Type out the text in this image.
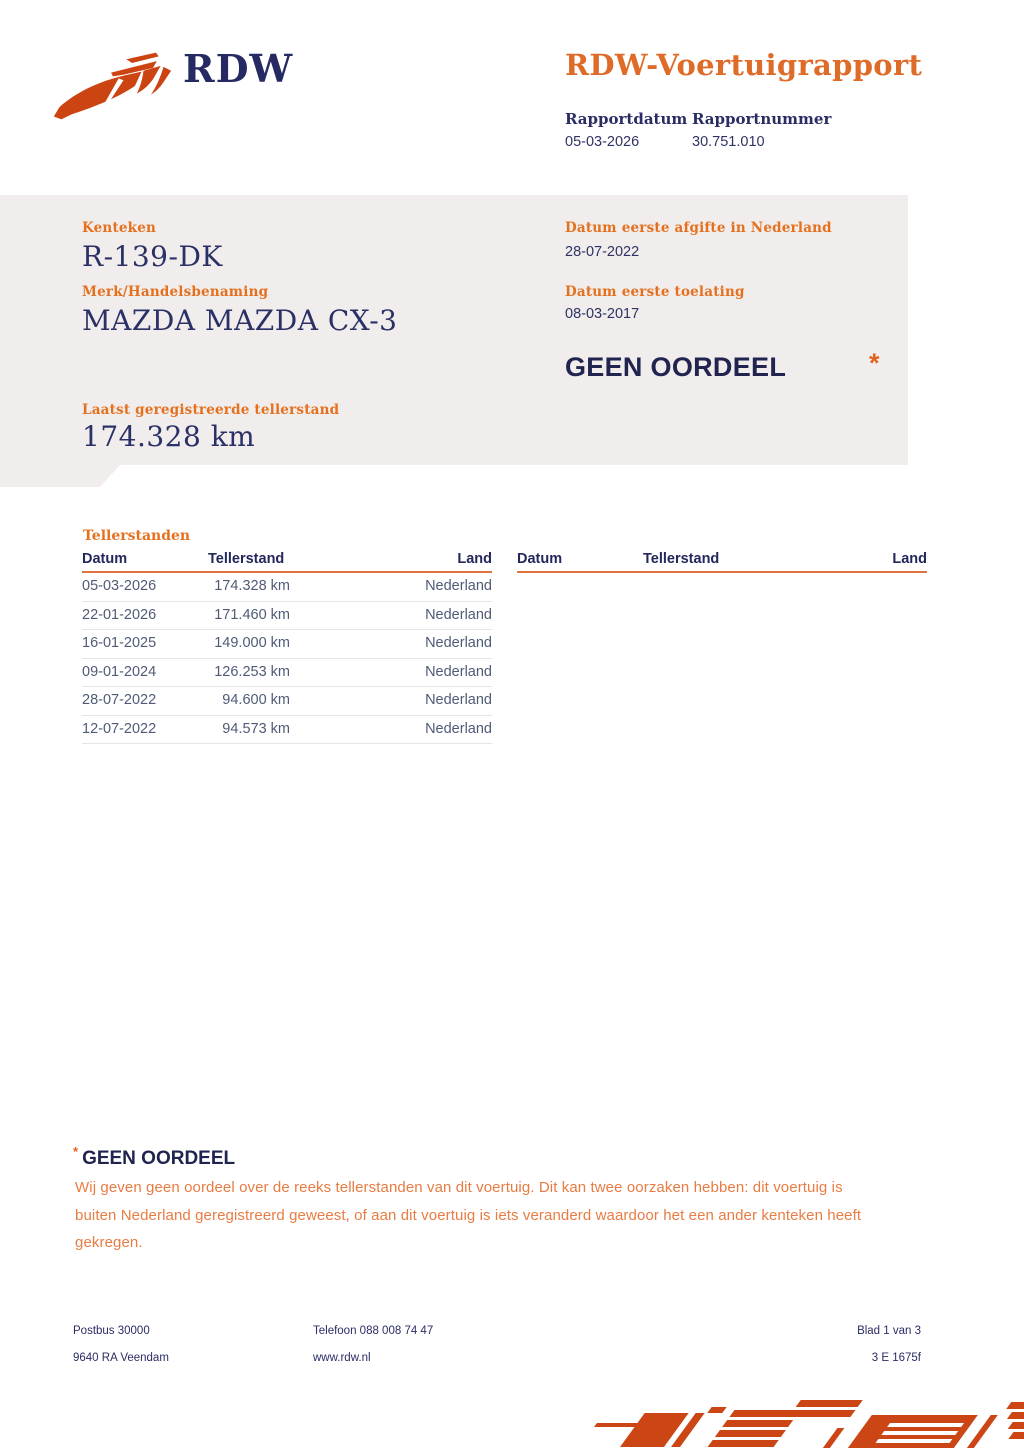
RDW	RDW-Voertuigrapport
Rapportdatum Rapportnummer
05-03-2026	30.751.010
Kenteken
R-139-DK
Merk/Handelsbenaming
MAZDA MAZDA CX-3
Datum eerste afgifte in Nederland
28-07-2022
Datum eerste toelating
08-03-2017
GEEN OORDEEL	*
Laatst geregistreerde tellerstand
174.328 km
Tellerstanden
Datum	Tellerstand	Land
05-03-2026	174.328 km	Nederland
22-01-2026	171.460 km	Nederland
16-01-2025	149.000 km	Nederland
09-01-2024	126.253 km	Nederland
28-07-2022	94.600 km	Nederland
12-07-2022	94.573 km	Nederland
Datum	Tellerstand	Land
* GEEN OORDEEL
Wij geven geen oordeel over de reeks tellerstanden van dit voertuig. Dit kan twee oorzaken hebben: dit voertuig is buiten Nederland geregistreerd geweest, of aan dit voertuig is iets veranderd waardoor het een ander kenteken heeft gekregen.
Postbus 30000
9640 RA Veendam
Telefoon 088 008 74 47
www.rdw.nl
Blad 1 van 3
3 E 1675f
